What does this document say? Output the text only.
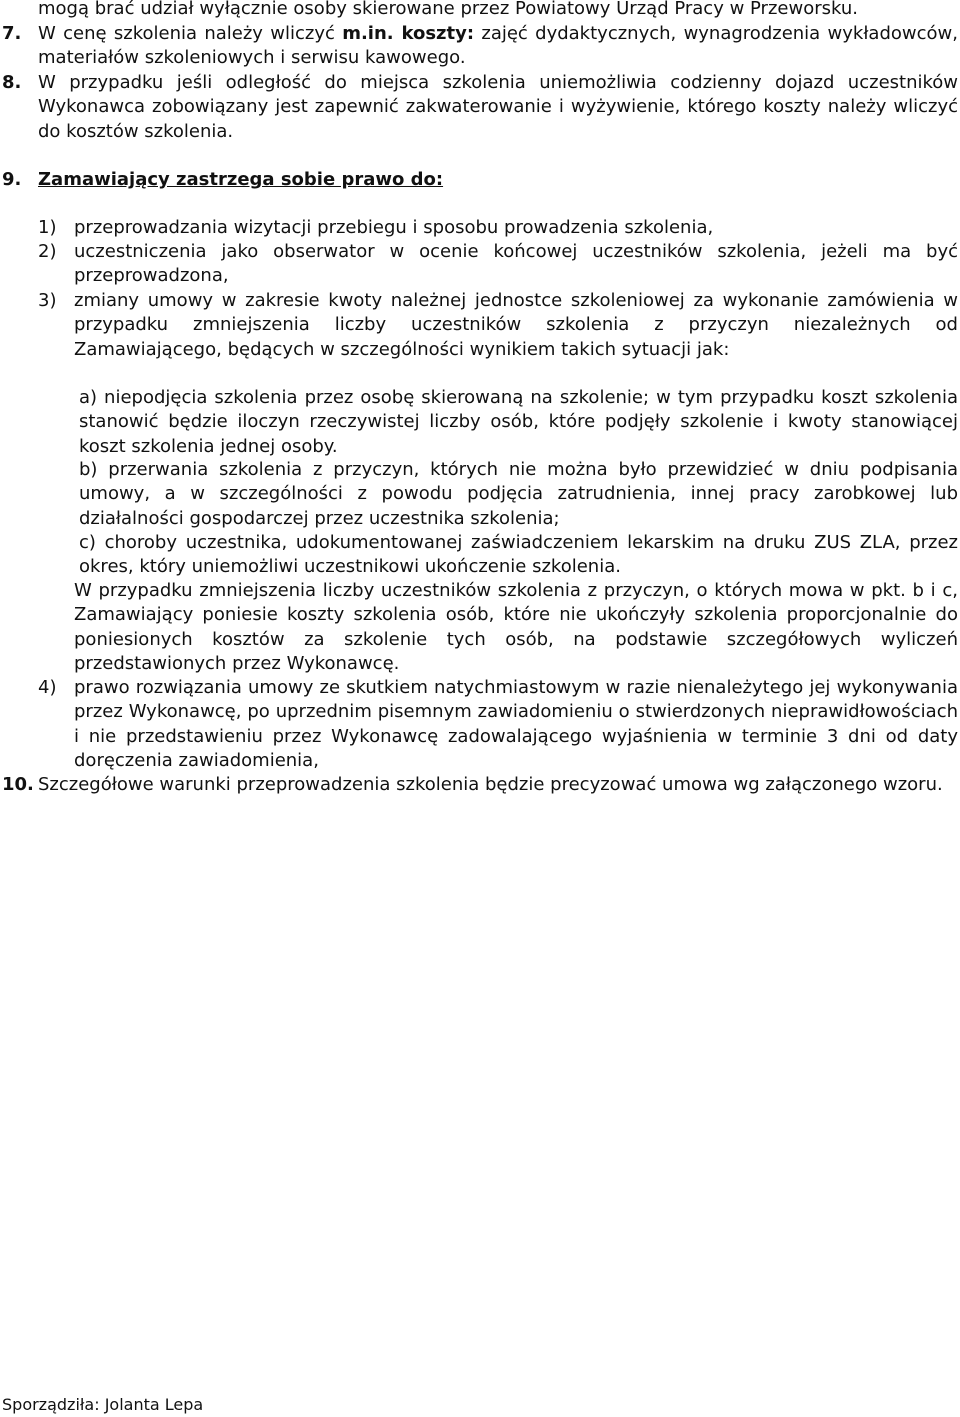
mogą brać udział wyłącznie osoby skierowane przez Powiatowy Urząd Pracy w Przeworsku.
7. W cenę szkolenia należy wliczyć m.in. koszty: zajęć dydaktycznych, wynagrodzenia wykładowców, materiałów szkoleniowych i serwisu kawowego.
8. W przypadku jeśli odległość do miejsca szkolenia uniemożliwia codzienny dojazd uczestników Wykonawca zobowiązany jest zapewnić zakwaterowanie i wyżywienie, którego koszty należy wliczyć do kosztów szkolenia.
9. Zamawiający zastrzega sobie prawo do:
1) przeprowadzania wizytacji przebiegu i sposobu prowadzenia szkolenia,
2) uczestniczenia jako obserwator w ocenie końcowej uczestników szkolenia, jeżeli ma być przeprowadzona,
3) zmiany umowy w zakresie kwoty należnej jednostce szkoleniowej za wykonanie zamówienia w przypadku zmniejszenia liczby uczestników szkolenia z przyczyn niezależnych od Zamawiającego, będących w szczególności wynikiem takich sytuacji jak:
a) niepodjęcia szkolenia przez osobę skierowaną na szkolenie; w tym przypadku koszt szkolenia stanowić będzie iloczyn rzeczywistej liczby osób, które podjęły szkolenie i kwoty stanowiącej koszt szkolenia jednej osoby.
b) przerwania szkolenia z przyczyn, których nie można było przewidzieć w dniu podpisania umowy, a w szczególności z powodu podjęcia zatrudnienia, innej pracy zarobkowej lub działalności gospodarczej przez uczestnika szkolenia;
c) choroby uczestnika, udokumentowanej zaświadczeniem lekarskim na druku ZUS ZLA, przez okres, który uniemożliwi uczestnikowi ukończenie szkolenia.
W przypadku zmniejszenia liczby uczestników szkolenia z przyczyn, o których mowa w pkt. b i c, Zamawiający poniesie koszty szkolenia osób, które nie ukończyły szkolenia proporcjonalnie do poniesionych kosztów za szkolenie tych osób, na podstawie szczegółowych wyliczeń przedstawionych przez Wykonawcę.
4) prawo rozwiązania umowy ze skutkiem natychmiastowym w razie nienależytego jej wykonywania przez Wykonawcę, po uprzednim pisemnym zawiadomieniu o stwierdzonych nieprawidłowościach i nie przedstawieniu przez Wykonawcę zadowalającego wyjaśnienia w terminie 3 dni od daty doręczenia zawiadomienia,
10. Szczegółowe warunki przeprowadzenia szkolenia będzie precyzować umowa wg załączonego wzoru.
Sporządziła: Jolanta Lepa
